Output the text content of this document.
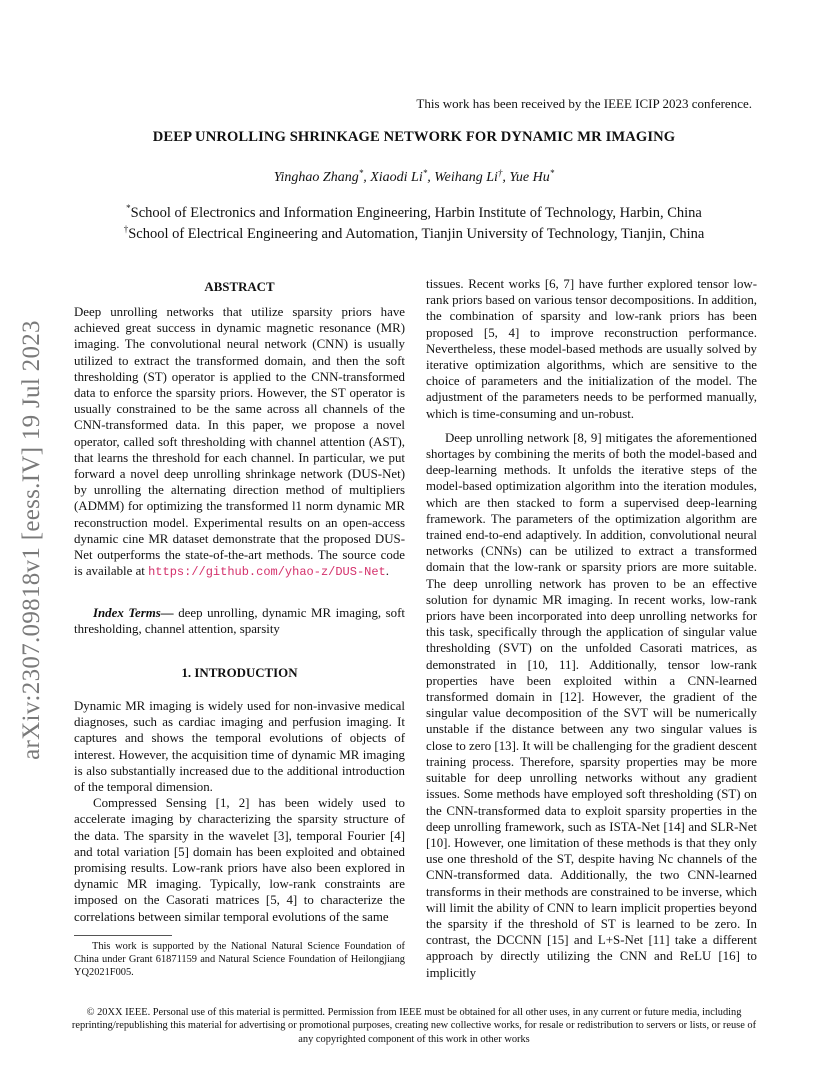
arXiv:2307.09818v1 [eess.IV] 19 Jul 2023
This work has been received by the IEEE ICIP 2023 conference.
DEEP UNROLLING SHRINKAGE NETWORK FOR DYNAMIC MR IMAGING
Yinghao Zhang*, Xiaodi Li*, Weihang Li†, Yue Hu*
*School of Electronics and Information Engineering, Harbin Institute of Technology, Harbin, China
†School of Electrical Engineering and Automation, Tianjin University of Technology, Tianjin, China
ABSTRACT

Deep unrolling networks that utilize sparsity priors have achieved great success in dynamic magnetic resonance (MR) imaging. The convolutional neural network (CNN) is usually utilized to extract the transformed domain, and then the soft thresholding (ST) operator is applied to the CNN-transformed data to enforce the sparsity priors. However, the ST operator is usually constrained to be the same across all channels of the CNN-transformed data. In this paper, we propose a novel operator, called soft thresholding with channel attention (AST), that learns the threshold for each channel. In particular, we put forward a novel deep unrolling shrinkage network (DUS-Net) by unrolling the alternating direction method of multipliers (ADMM) for optimizing the transformed l1 norm dynamic MR reconstruction model. Experimental results on an open-access dynamic cine MR dataset demonstrate that the proposed DUS-Net outperforms the state-of-the-art methods. The source code is available at https://github.com/yhao-z/DUS-Net.

Index Terms— deep unrolling, dynamic MR imaging, soft thresholding, channel attention, sparsity

1. INTRODUCTION

Dynamic MR imaging is widely used for non-invasive medical diagnoses, such as cardiac imaging and perfusion imaging. It captures and shows the temporal evolutions of objects of interest. However, the acquisition time of dynamic MR imaging is also substantially increased due to the additional introduction of the temporal dimension.

Compressed Sensing [1, 2] has been widely used to accelerate imaging by characterizing the sparsity structure of the data. The sparsity in the wavelet [3], temporal Fourier [4] and total variation [5] domain has been exploited and obtained promising results. Low-rank priors have also been explored in dynamic MR imaging. Typically, low-rank constraints are imposed on the Casorati matrices [5, 4] to characterize the correlations between similar temporal evolutions of the same

This work is supported by the National Natural Science Foundation of China under Grant 61871159 and Natural Science Foundation of Heilongjiang YQ2021F005.

tissues. Recent works [6, 7] have further explored tensor low-rank priors based on various tensor decompositions. In addition, the combination of sparsity and low-rank priors has been proposed [5, 4] to improve reconstruction performance. Nevertheless, these model-based methods are usually solved by iterative optimization algorithms, which are sensitive to the choice of parameters and the initialization of the model. The adjustment of the parameters needs to be performed manually, which is time-consuming and un-robust.

Deep unrolling network [8, 9] mitigates the aforementioned shortages by combining the merits of both the model-based and deep-learning methods. It unfolds the iterative steps of the model-based optimization algorithm into the iteration modules, which are then stacked to form a supervised deep-learning framework. The parameters of the optimization algorithm are trained end-to-end adaptively. In addition, convolutional neural networks (CNNs) can be utilized to extract a transformed domain that the low-rank or sparsity priors are more suitable. The deep unrolling network has proven to be an effective solution for dynamic MR imaging. In recent works, low-rank priors have been incorporated into deep unrolling networks for this task, specifically through the application of singular value thresholding (SVT) on the unfolded Casorati matrices, as demonstrated in [10, 11]. Additionally, tensor low-rank properties have been exploited within a CNN-learned transformed domain in [12]. However, the gradient of the singular value decomposition of the SVT will be numerically unstable if the distance between any two singular values is close to zero [13]. It will be challenging for the gradient descent training process. Therefore, sparsity properties may be more suitable for deep unrolling networks without any gradient issues. Some methods have employed soft thresholding (ST) on the CNN-transformed data to exploit sparsity properties in the deep unrolling framework, such as ISTA-Net [14] and SLR-Net [10]. However, one limitation of these methods is that they only use one threshold of the ST, despite having Nc channels of the CNN-transformed data. Additionally, the two CNN-learned transforms in their methods are constrained to be inverse, which will limit the ability of CNN to learn implicit properties beyond the sparsity if the threshold of ST is learned to be zero. In contrast, the DCCNN [15] and L+S-Net [11] take a different approach by directly utilizing the CNN and ReLU [16] to implicitly

© 20XX IEEE. Personal use of this material is permitted. Permission from IEEE must be obtained for all other uses, in any current or future media, including reprinting/republishing this material for advertising or promotional purposes, creating new collective works, for resale or redistribution to servers or lists, or reuse of any copyrighted component of this work in other works
